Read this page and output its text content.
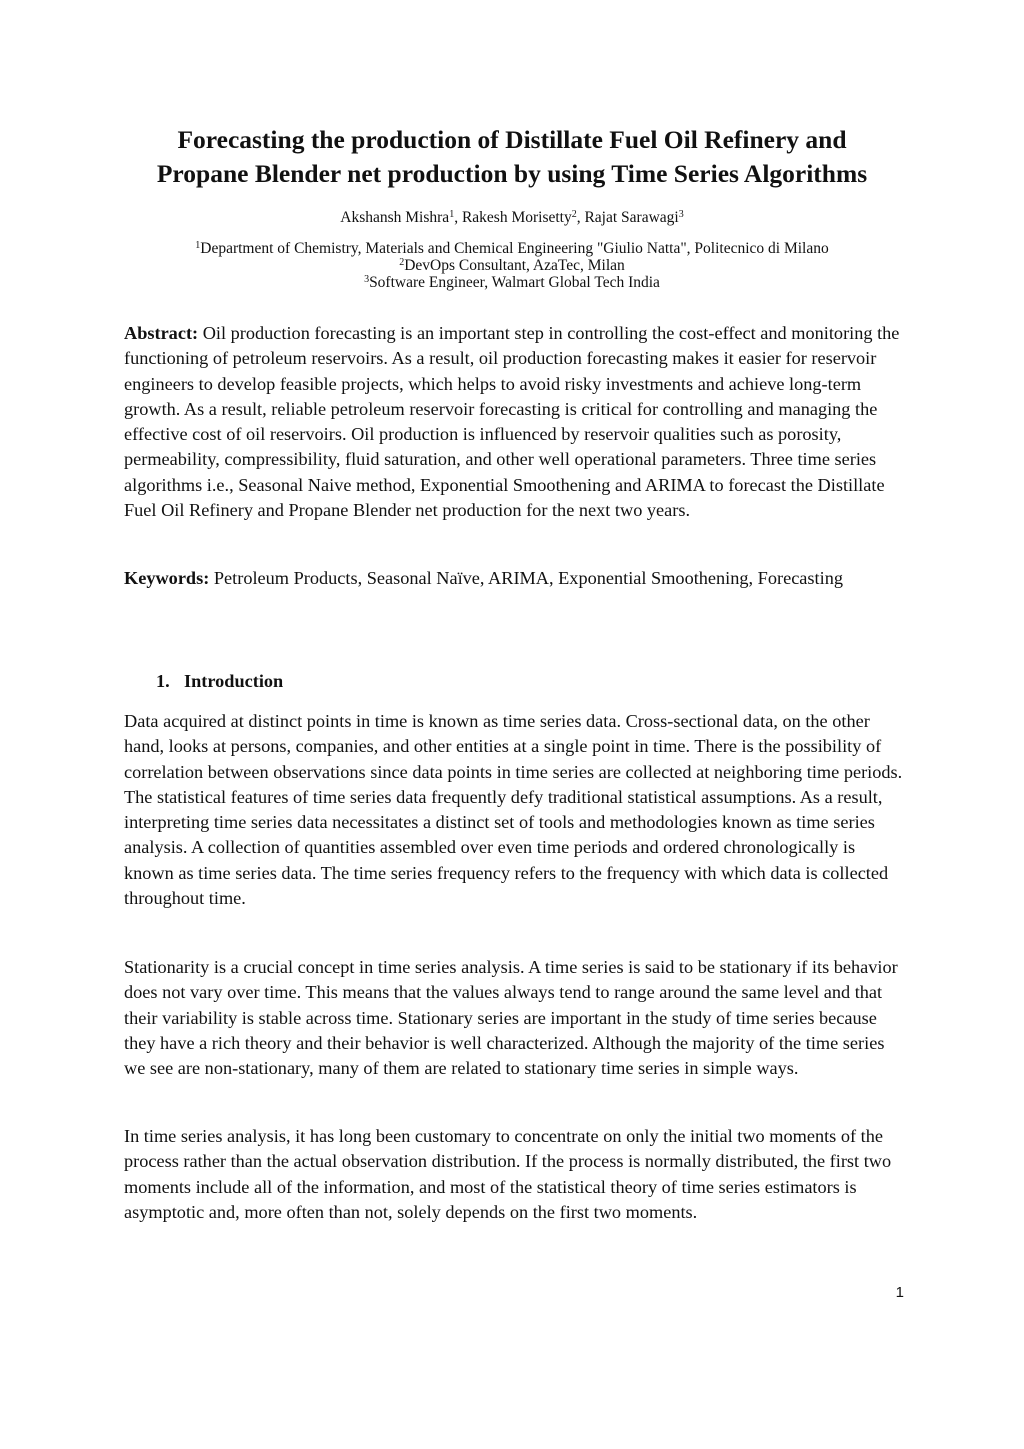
Forecasting the production of Distillate Fuel Oil Refinery and
Propane Blender net production by using Time Series Algorithms
Akshansh Mishra$^1$, Rakesh Morisetty$^2$, Rajat Sarawagi$^3$
$^1$Department of Chemistry, Materials and Chemical Engineering "Giulio Natta", Politecnico di Milano
$^2$DevOps Consultant, AzaTec, Milan
$^3$Software Engineer, Walmart Global Tech India

Abstract: Oil production forecasting is an important step in controlling the cost-effect and monitoring the functioning of petroleum reservoirs. As a result, oil production forecasting makes it easier for reservoir engineers to develop feasible projects, which helps to avoid risky investments and achieve long-term growth. As a result, reliable petroleum reservoir forecasting is critical for controlling and managing the effective cost of oil reservoirs. Oil production is influenced by reservoir qualities such as porosity, permeability, compressibility, fluid saturation, and other well operational parameters. Three time series algorithms i.e., Seasonal Naive method, Exponential Smoothening and ARIMA to forecast the Distillate Fuel Oil Refinery and Propane Blender net production for the next two years.

Keywords: Petroleum Products, Seasonal Naïve, ARIMA, Exponential Smoothening, Forecasting

1. Introduction

Data acquired at distinct points in time is known as time series data. Cross-sectional data, on the other hand, looks at persons, companies, and other entities at a single point in time. There is the possibility of correlation between observations since data points in time series are collected at neighboring time periods. The statistical features of time series data frequently defy traditional statistical assumptions. As a result, interpreting time series data necessitates a distinct set of tools and methodologies known as time series analysis. A collection of quantities assembled over even time periods and ordered chronologically is known as time series data. The time series frequency refers to the frequency with which data is collected throughout time.

Stationarity is a crucial concept in time series analysis. A time series is said to be stationary if its behavior does not vary over time. This means that the values always tend to range around the same level and that their variability is stable across time. Stationary series are important in the study of time series because they have a rich theory and their behavior is well characterized. Although the majority of the time series we see are non-stationary, many of them are related to stationary time series in simple ways.

In time series analysis, it has long been customary to concentrate on only the initial two moments of the process rather than the actual observation distribution. If the process is normally distributed, the first two moments include all of the information, and most of the statistical theory of time series estimators is asymptotic and, more often than not, solely depends on the first two moments.

1
